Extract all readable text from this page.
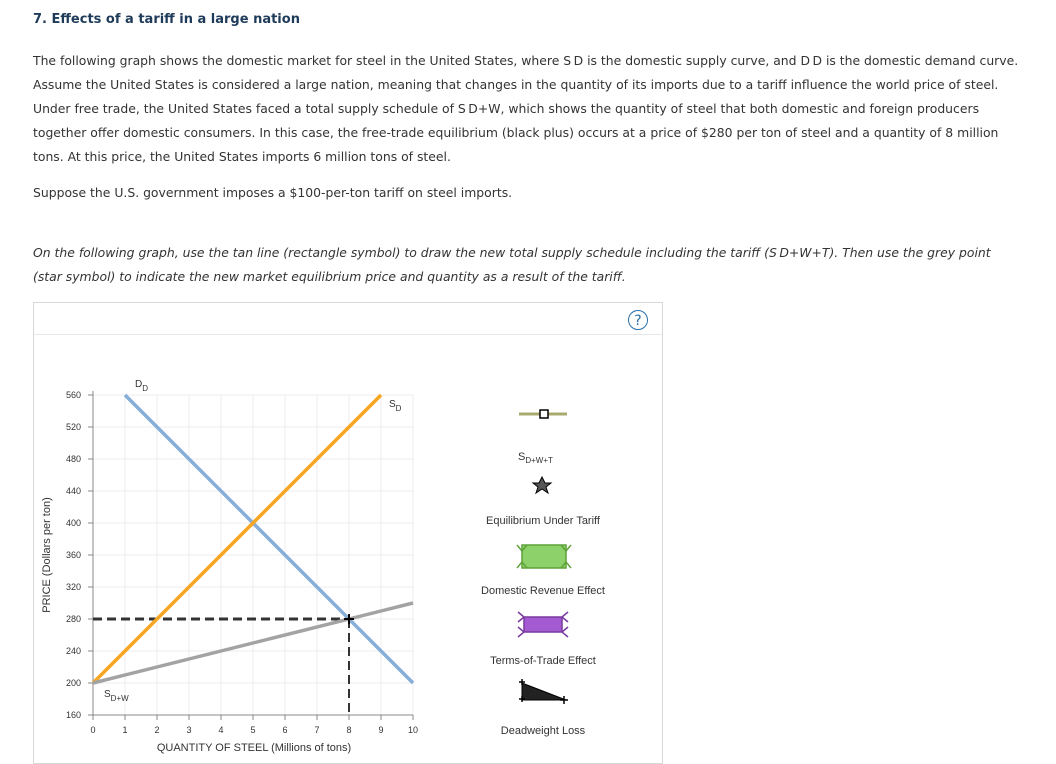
7. Effects of a tariff in a large nation
The following graph shows the domestic market for steel in the United States, where S D is the domestic supply curve, and D D is the domestic demand curve. Assume the United States is considered a large nation, meaning that changes in the quantity of its imports due to a tariff influence the world price of steel. Under free trade, the United States faced a total supply schedule of S D+W, which shows the quantity of steel that both domestic and foreign producers together offer domestic consumers. In this case, the free-trade equilibrium (black plus) occurs at a price of $280 per ton of steel and a quantity of 8 million tons. At this price, the United States imports 6 million tons of steel.
Suppose the U.S. government imposes a $100-per-ton tariff on steel imports.
On the following graph, use the tan line (rectangle symbol) to draw the new total supply schedule including the tariff (S D+W+T). Then use the grey point (star symbol) to indicate the new market equilibrium price and quantity as a result of the tariff.
?
160
200
240
280
320
360
400
440
480
520
560
0	1	2	3	4	5	6	7	8	9	10
$D_D$
$S_D$
$S_{D+W}$
PRICE (Dollars per ton)
QUANTITY OF STEEL (Millions of tons)
$S_{D+W+T}$
Equilibrium Under Tariff
Domestic Revenue Effect
Terms-of-Trade Effect
Deadweight Loss
